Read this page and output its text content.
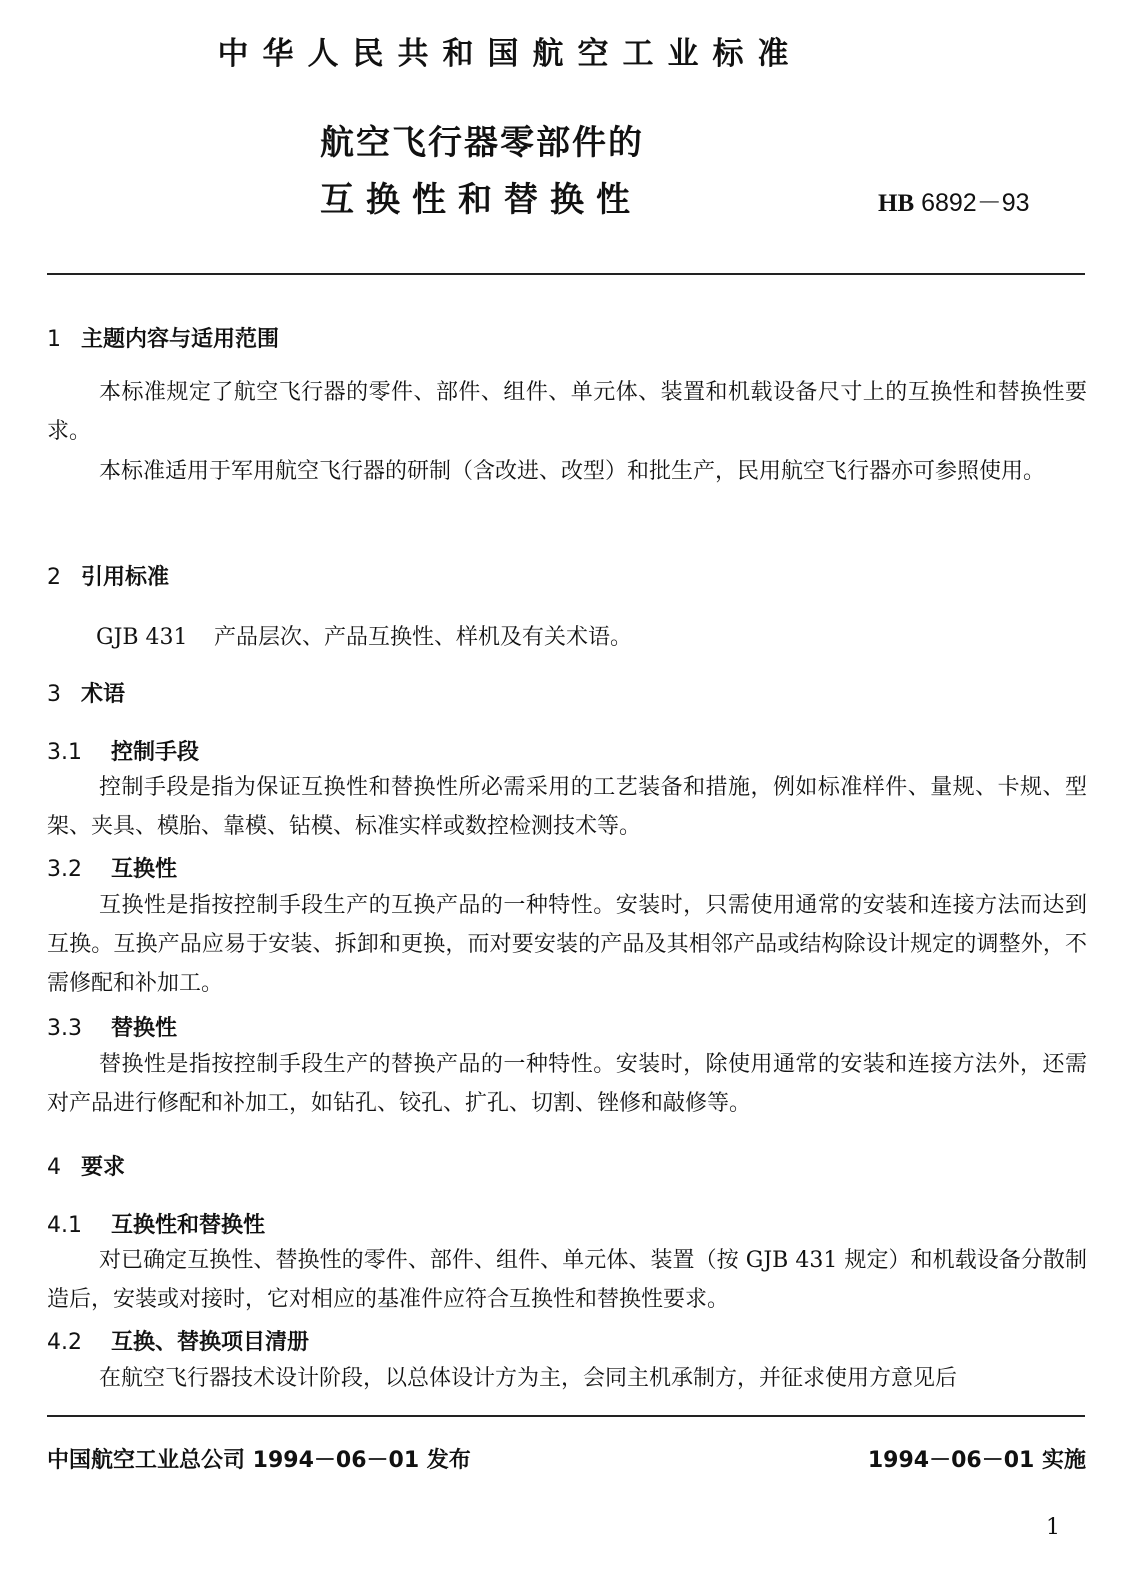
中华人民共和国航空工业标准
航空飞行器零部件的
互换性和替换性	HB 6892－93
1 主题内容与适用范围
本标准规定了航空飞行器的零件、部件、组件、单元体、装置和机载设备尺寸上的互换性和替换性要求。
本标准适用于军用航空飞行器的研制（含改进、改型）和批生产，民用航空飞行器亦可参照使用。
2 引用标准
GJB 431 产品层次、产品互换性、样机及有关术语。
3 术语
3.1 控制手段
控制手段是指为保证互换性和替换性所必需采用的工艺装备和措施，例如标准样件、量规、卡规、型架、夹具、模胎、靠模、钻模、标准实样或数控检测技术等。
3.2 互换性
互换性是指按控制手段生产的互换产品的一种特性。安装时，只需使用通常的安装和连接方法而达到互换。互换产品应易于安装、拆卸和更换，而对要安装的产品及其相邻产品或结构除设计规定的调整外，不需修配和补加工。
3.3 替换性
替换性是指按控制手段生产的替换产品的一种特性。安装时，除使用通常的安装和连接方法外，还需对产品进行修配和补加工，如钻孔、铰孔、扩孔、切割、锉修和敲修等。
4 要求
4.1 互换性和替换性
对已确定互换性、替换性的零件、部件、组件、单元体、装置（按 GJB 431 规定）和机载设备分散制造后，安装或对接时，它对相应的基准件应符合互换性和替换性要求。
4.2 互换、替换项目清册
在航空飞行器技术设计阶段，以总体设计方为主，会同主机承制方，并征求使用方意见后
中国航空工业总公司 1994－06－01 发布	1994－06－01 实施
1
